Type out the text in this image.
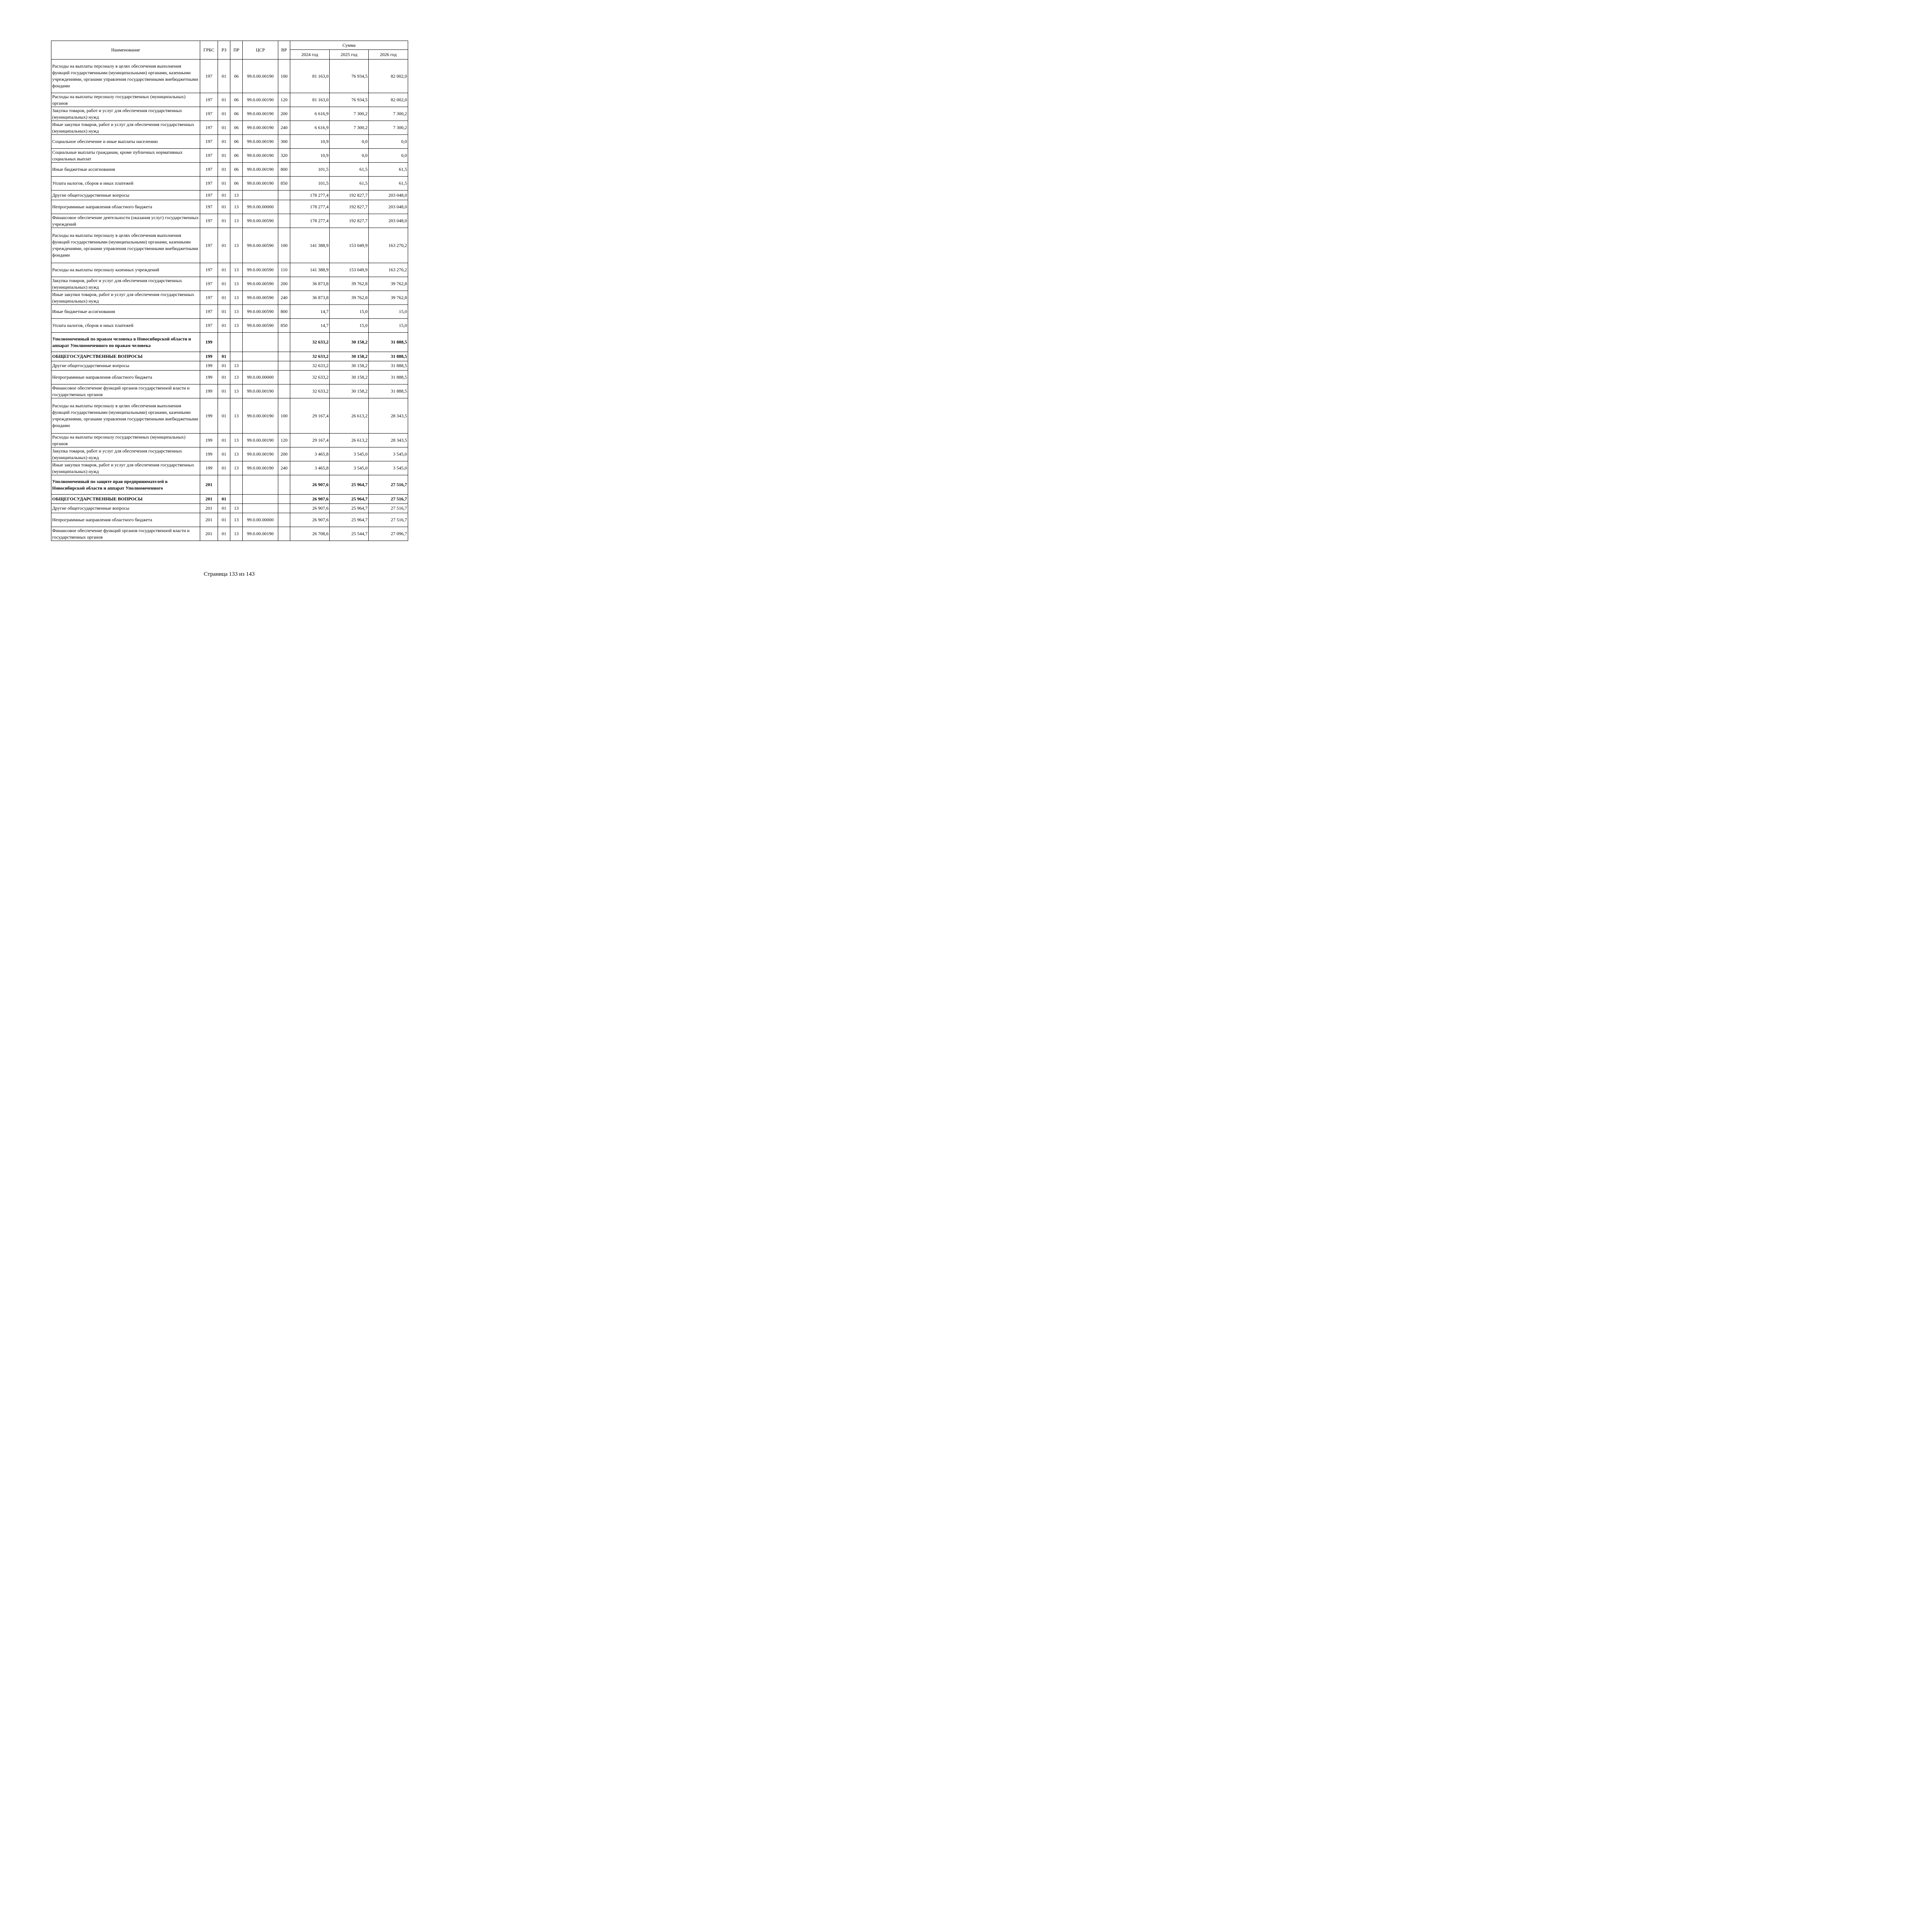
Наименование	ГРБС	РЗ	ПР	ЦСР	ВР	Сумма		
						2024 год	2025 год	2026 год
Расходы на выплаты персоналу в целях обеспечения выполнения функций государственными (муниципальными) органами, казенными учреждениями, органами управления государственными внебюджетными фондами	197	01	06	99.0.00.00190	100	81 163,0	76 934,5	82 002,0
Расходы на выплаты персоналу государственных (муниципальных) органов	197	01	06	99.0.00.00190	120	81 163,0	76 934,5	82 002,0
Закупка товаров, работ и услуг для обеспечения государственных (муниципальных) нужд	197	01	06	99.0.00.00190	200	6 616,9	7 300,2	7 300,2
Иные закупки товаров, работ и услуг для обеспечения государственных (муниципальных) нужд	197	01	06	99.0.00.00190	240	6 616,9	7 300,2	7 300,2
Социальное обеспечение и иные выплаты населению	197	01	06	99.0.00.00190	300	10,9	0,0	0,0
Социальные выплаты гражданам, кроме публичных нормативных социальных выплат	197	01	06	99.0.00.00190	320	10,9	0,0	0,0
Иные бюджетные ассигнования	197	01	06	99.0.00.00190	800	101,5	61,5	61,5
Уплата налогов, сборов и иных платежей	197	01	06	99.0.00.00190	850	101,5	61,5	61,5
Другие общегосударственные вопросы	197	01	13			178 277,4	192 827,7	203 048,0
Непрограммные направления областного бюджета	197	01	13	99.0.00.00000		178 277,4	192 827,7	203 048,0
Финансовое обеспечение деятельности (оказания услуг) государственных учреждений	197	01	13	99.0.00.00590		178 277,4	192 827,7	203 048,0
Расходы на выплаты персоналу в целях обеспечения выполнения функций государственными (муниципальными) органами, казенными учреждениями, органами управления государственными внебюджетными фондами	197	01	13	99.0.00.00590	100	141 388,9	153 049,9	163 270,2
Расходы на выплаты персоналу казенных учреждений	197	01	13	99.0.00.00590	110	141 388,9	153 049,9	163 270,2
Закупка товаров, работ и услуг для обеспечения государственных (муниципальных) нужд	197	01	13	99.0.00.00590	200	36 873,8	39 762,8	39 762,8
Иные закупки товаров, работ и услуг для обеспечения государственных (муниципальных) нужд	197	01	13	99.0.00.00590	240	36 873,8	39 762,8	39 762,8
Иные бюджетные ассигнования	197	01	13	99.0.00.00590	800	14,7	15,0	15,0
Уплата налогов, сборов и иных платежей	197	01	13	99.0.00.00590	850	14,7	15,0	15,0
Уполномоченный по правам человека в Новосибирской области и аппарат Уполномоченного по правам человека	199					32 633,2	30 158,2	31 888,5
ОБЩЕГОСУДАРСТВЕННЫЕ ВОПРОСЫ	199	01				32 633,2	30 158,2	31 888,5
Другие общегосударственные вопросы	199	01	13			32 633,2	30 158,2	31 888,5
Непрограммные направления областного бюджета	199	01	13	99.0.00.00000		32 633,2	30 158,2	31 888,5
Финансовое обеспечение функций органов государственной власти и государственных органов	199	01	13	99.0.00.00190		32 633,2	30 158,2	31 888,5
Расходы на выплаты персоналу в целях обеспечения выполнения функций государственными (муниципальными) органами, казенными учреждениями, органами управления государственными внебюджетными фондами	199	01	13	99.0.00.00190	100	29 167,4	26 613,2	28 343,5
Расходы на выплаты персоналу государственных (муниципальных) органов	199	01	13	99.0.00.00190	120	29 167,4	26 613,2	28 343,5
Закупка товаров, работ и услуг для обеспечения государственных (муниципальных) нужд	199	01	13	99.0.00.00190	200	3 465,8	3 545,0	3 545,0
Иные закупки товаров, работ и услуг для обеспечения государственных (муниципальных) нужд	199	01	13	99.0.00.00190	240	3 465,8	3 545,0	3 545,0
Уполномоченный по защите прав предпринимателей в Новосибирской области и аппарат Уполномоченного	201					26 907,6	25 964,7	27 516,7
ОБЩЕГОСУДАРСТВЕННЫЕ ВОПРОСЫ	201	01				26 907,6	25 964,7	27 516,7
Другие общегосударственные вопросы	201	01	13			26 907,6	25 964,7	27 516,7
Непрограммные направления областного бюджета	201	01	13	99.0.00.00000		26 907,6	25 964,7	27 516,7
Финансовое обеспечение функций органов государственной власти и государственных органов	201	01	13	99.0.00.00190		26 708,6	25 544,7	27 096,7
Страница 133 из 143
